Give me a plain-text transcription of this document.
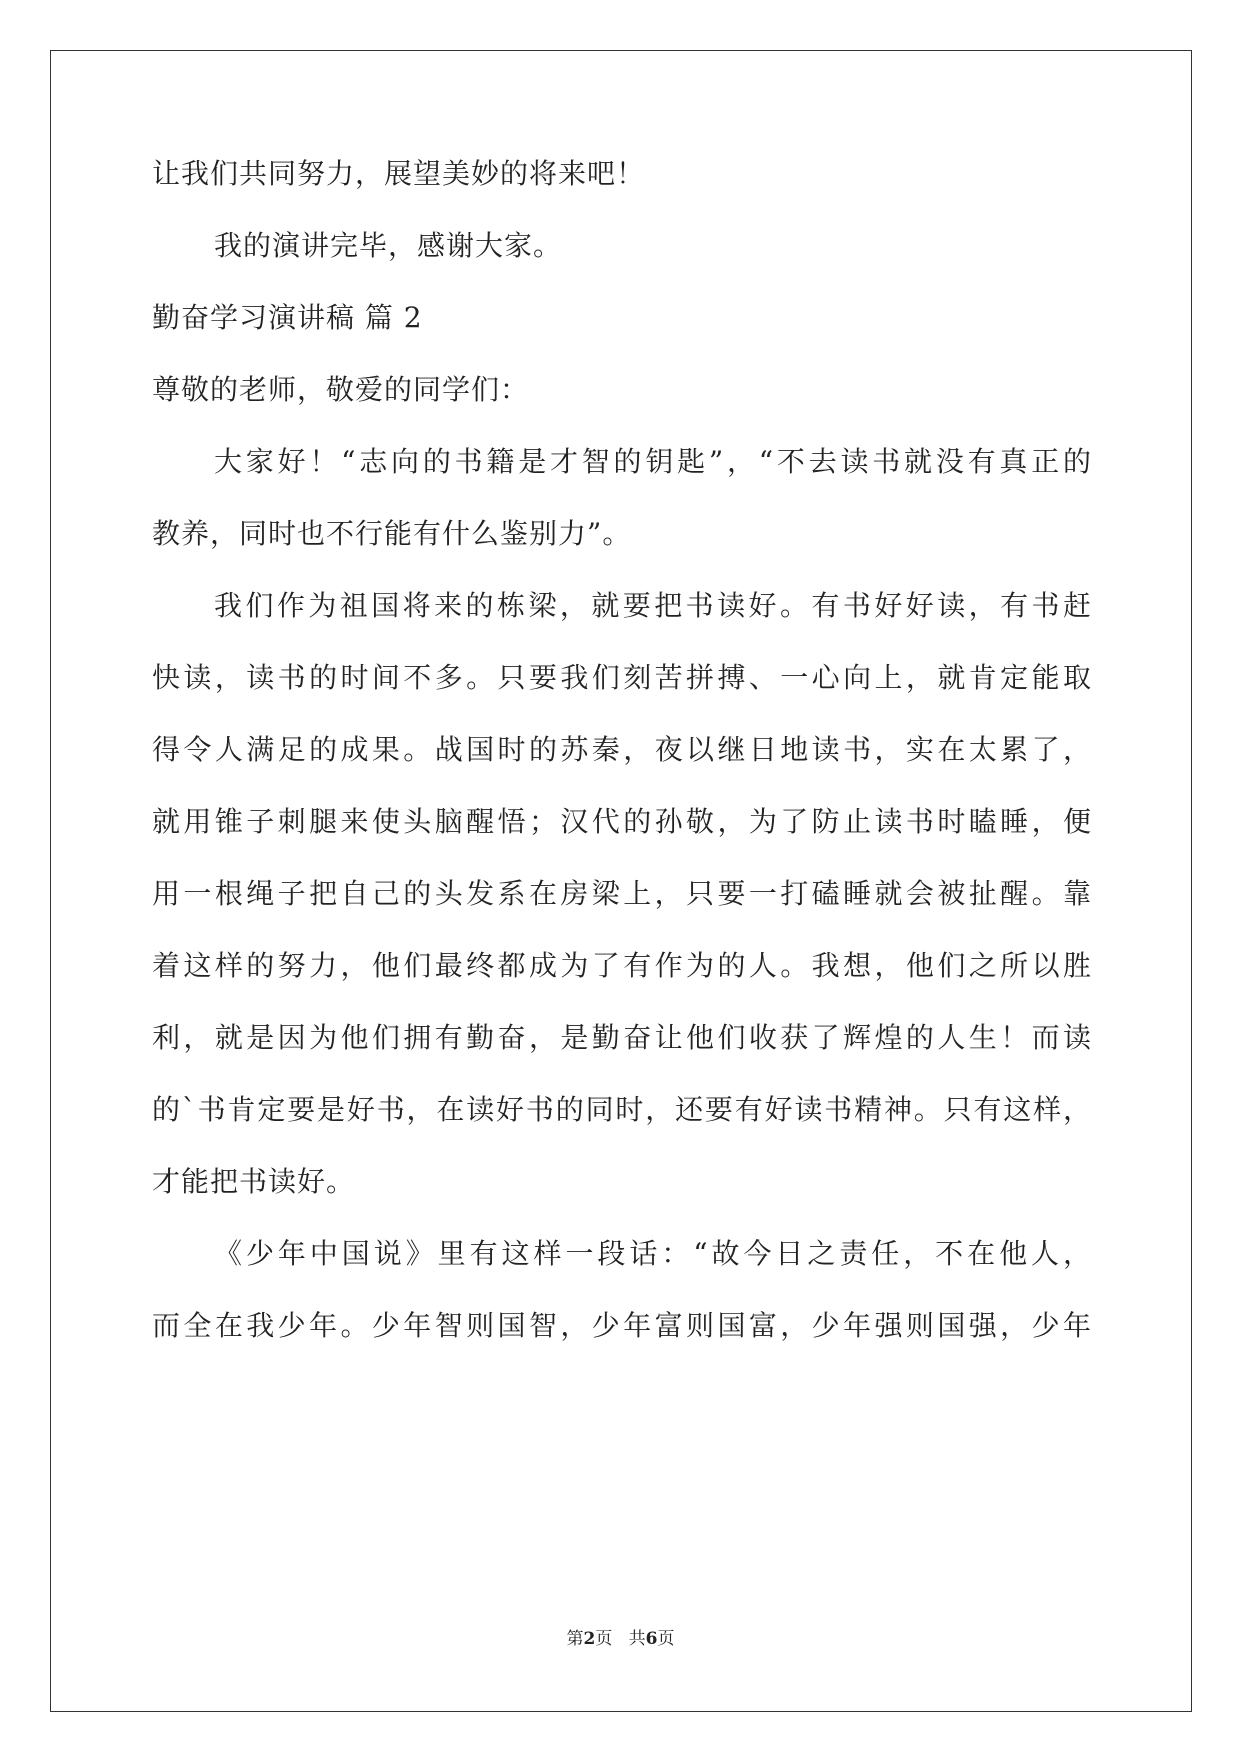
让我们共同努力，展望美妙的将来吧！
我的演讲完毕，感谢大家。
勤奋学习演讲稿 篇 2
尊敬的老师，敬爱的同学们：
大家好！“志向的书籍是才智的钥匙”，“不去读书就没有真正的
教养，同时也不行能有什么鉴别力”。
我们作为祖国将来的栋梁，就要把书读好。有书好好读，有书赶
快读，读书的时间不多。只要我们刻苦拼搏、一心向上，就肯定能取
得令人满足的成果。战国时的苏秦，夜以继日地读书，实在太累了，
就用锥子刺腿来使头脑醒悟；汉代的孙敬，为了防止读书时瞌睡，便
用一根绳子把自己的头发系在房梁上，只要一打磕睡就会被扯醒。靠
着这样的努力，他们最终都成为了有作为的人。我想，他们之所以胜
利，就是因为他们拥有勤奋，是勤奋让他们收获了辉煌的人生！而读
的`书肯定要是好书，在读好书的同时，还要有好读书精神。只有这样，
才能把书读好。
《少年中国说》里有这样一段话：“故今日之责任，不在他人，
而全在我少年。少年智则国智，少年富则国富，少年强则国强，少年
第2页 共6页
